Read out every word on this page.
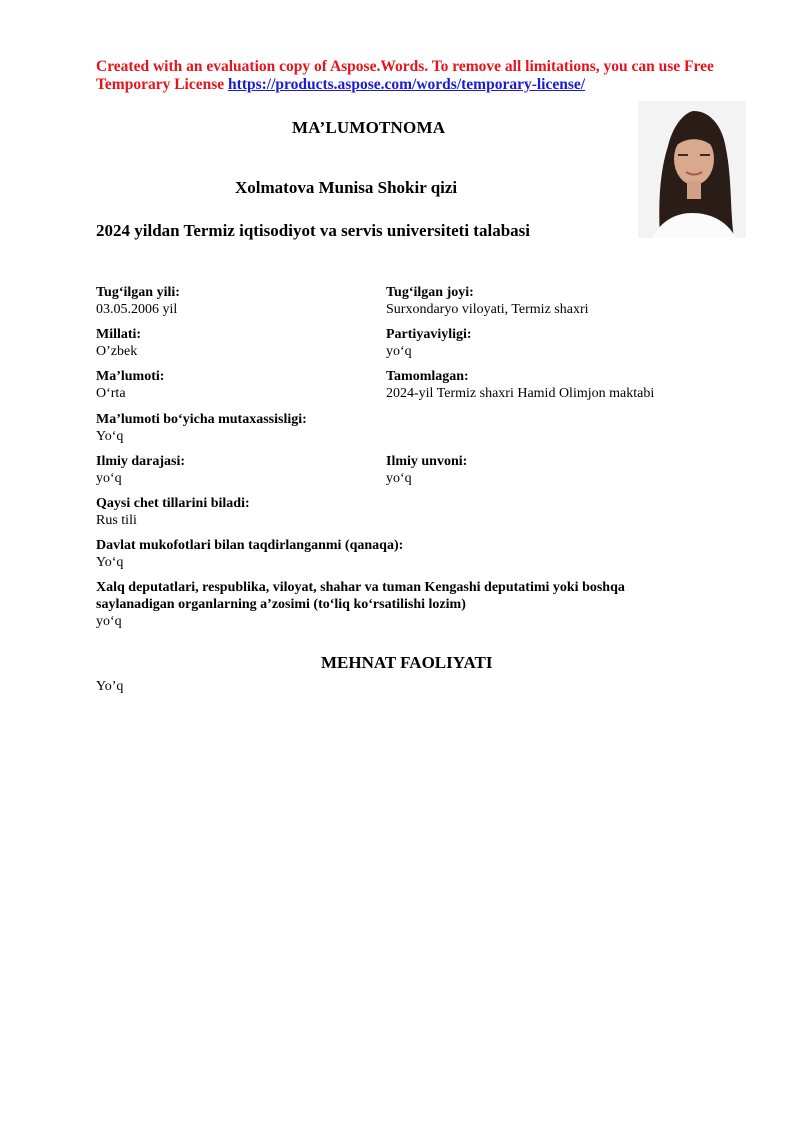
Created with an evaluation copy of Aspose.Words. To remove all limitations, you can use Free Temporary License https://products.aspose.com/words/temporary-license/
MA’LUMOTNOMA
Xolmatova Munisa Shokir qizi
2024 yildan Termiz iqtisodiyot va servis universiteti talabasi
Tug‘ilgan yili:
03.05.2006 yil
Tug‘ilgan joyi:
Surxondaryo viloyati, Termiz shaxri
Millati:
O’zbek
Partiyaviyligi:
yo‘q
Ma’lumoti:
O‘rta
Tamomlagan:
2024-yil Termiz shaxri Hamid Olimjon maktabi
Ma’lumoti bo‘yicha mutaxassisligi:
Yo‘q
Ilmiy darajasi:
yo‘q
Ilmiy unvoni:
yo‘q
Qaysi chet tillarini biladi:
Rus tili
Davlat mukofotlari bilan taqdirlanganmi (qanaqa):
Yo‘q
Xalq deputatlari, respublika, viloyat, shahar va tuman Kengashi deputatimi yoki boshqa saylanadigan organlarning a’zosimi (to‘liq ko‘rsatilishi lozim)
yo‘q
MEHNAT FAOLIYATI
Yo’q
